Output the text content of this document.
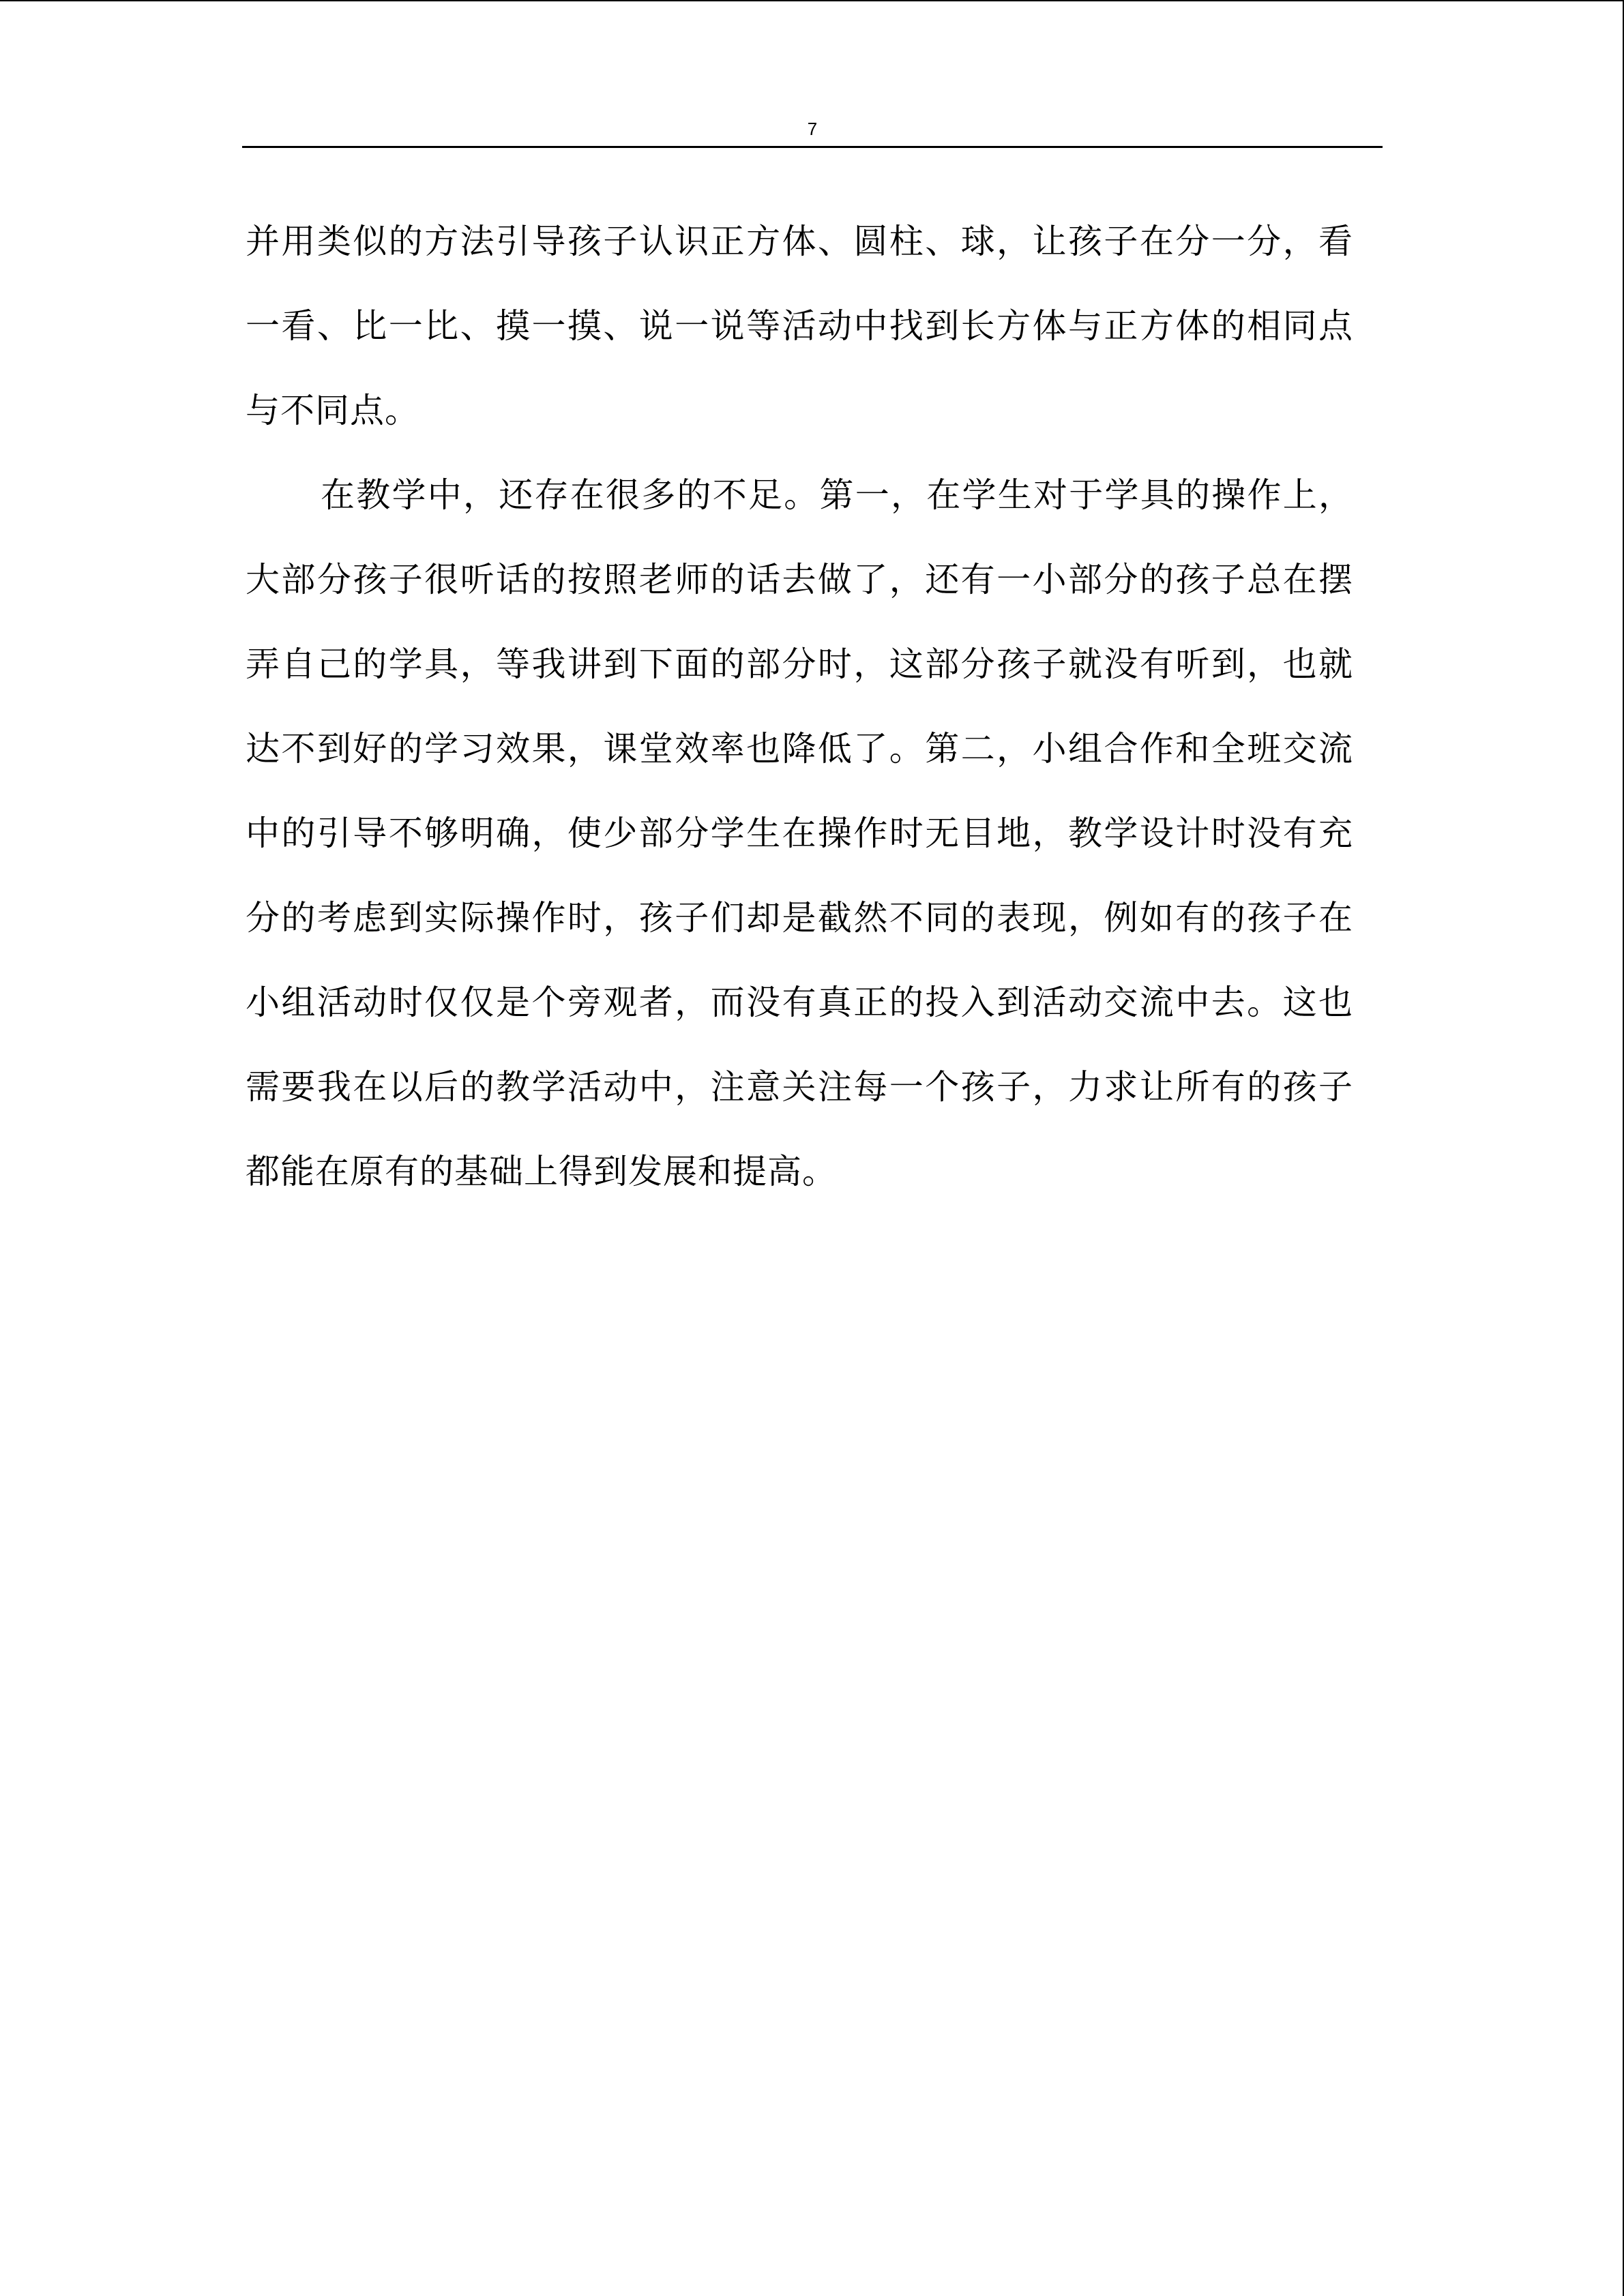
7

并用类似的方法引导孩子认识正方体、圆柱、球，让孩子在分一分，看一看、比一比、摸一摸、说一说等活动中找到长方体与正方体的相同点与不同点。

在教学中，还存在很多的不足。第一，在学生对于学具的操作上，大部分孩子很听话的按照老师的话去做了，还有一小部分的孩子总在摆弄自己的学具，等我讲到下面的部分时，这部分孩子就没有听到，也就达不到好的学习效果，课堂效率也降低了。第二，小组合作和全班交流中的引导不够明确，使少部分学生在操作时无目地，教学设计时没有充分的考虑到实际操作时，孩子们却是截然不同的表现，例如有的孩子在小组活动时仅仅是个旁观者，而没有真正的投入到活动交流中去。这也需要我在以后的教学活动中，注意关注每一个孩子，力求让所有的孩子都能在原有的基础上得到发展和提高。
